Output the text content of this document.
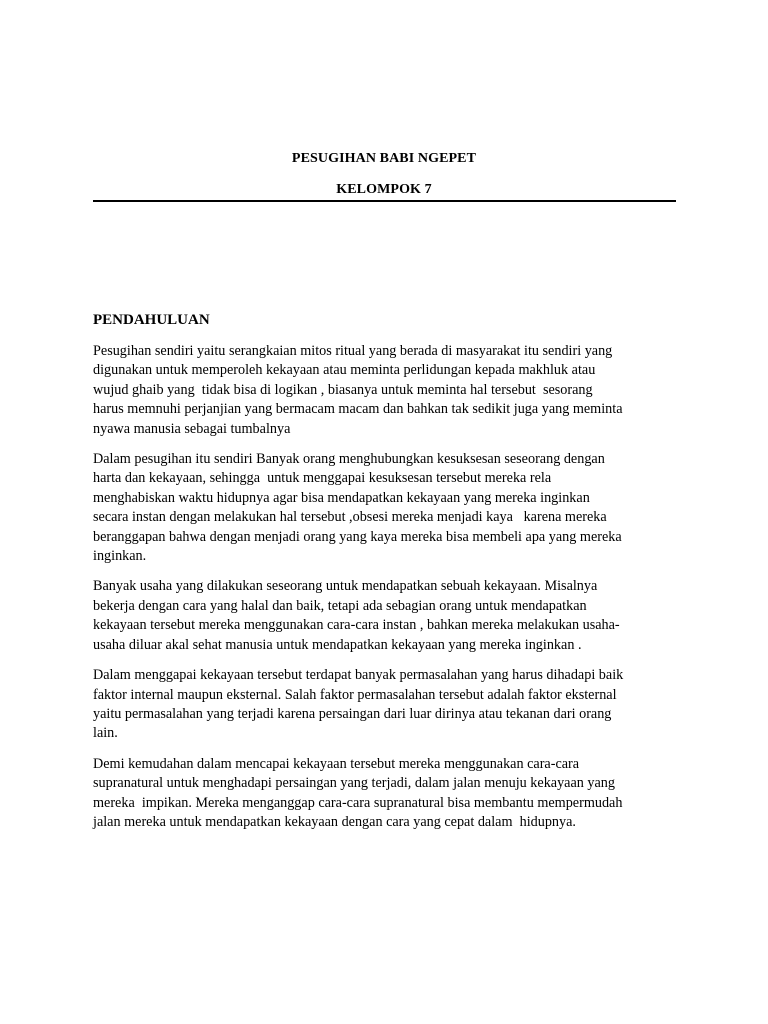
PESUGIHAN BABI NGEPET
KELOMPOK 7
PENDAHULUAN

Pesugihan sendiri yaitu serangkaian mitos ritual yang berada di masyarakat itu sendiri yang
digunakan untuk memperoleh kekayaan atau meminta perlidungan kepada makhluk atau
wujud ghaib yang  tidak bisa di logikan , biasanya untuk meminta hal tersebut  sesorang
harus memnuhi perjanjian yang bermacam macam dan bahkan tak sedikit juga yang meminta
nyawa manusia sebagai tumbalnya

Dalam pesugihan itu sendiri Banyak orang menghubungkan kesuksesan seseorang dengan
harta dan kekayaan, sehingga  untuk menggapai kesuksesan tersebut mereka rela
menghabiskan waktu hidupnya agar bisa mendapatkan kekayaan yang mereka inginkan
secara instan dengan melakukan hal tersebut ,obsesi mereka menjadi kaya   karena mereka
beranggapan bahwa dengan menjadi orang yang kaya mereka bisa membeli apa yang mereka
inginkan.

Banyak usaha yang dilakukan seseorang untuk mendapatkan sebuah kekayaan. Misalnya
bekerja dengan cara yang halal dan baik, tetapi ada sebagian orang untuk mendapatkan
kekayaan tersebut mereka menggunakan cara-cara instan , bahkan mereka melakukan usaha-
usaha diluar akal sehat manusia untuk mendapatkan kekayaan yang mereka inginkan .

Dalam menggapai kekayaan tersebut terdapat banyak permasalahan yang harus dihadapi baik
faktor internal maupun eksternal. Salah faktor permasalahan tersebut adalah faktor eksternal
yaitu permasalahan yang terjadi karena persaingan dari luar dirinya atau tekanan dari orang
lain.

Demi kemudahan dalam mencapai kekayaan tersebut mereka menggunakan cara-cara
supranatural untuk menghadapi persaingan yang terjadi, dalam jalan menuju kekayaan yang
mereka  impikan. Mereka menganggap cara-cara supranatural bisa membantu mempermudah
jalan mereka untuk mendapatkan kekayaan dengan cara yang cepat dalam  hidupnya.
